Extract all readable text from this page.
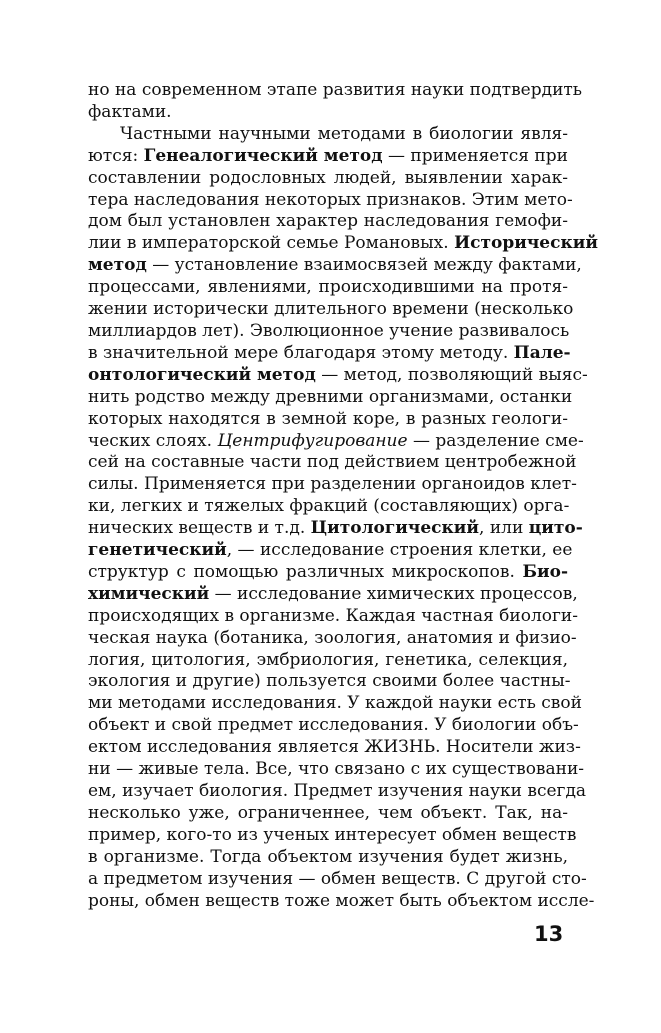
но на современном этапе развития науки подтвердить
фактами.
Частными научными методами в биологии явля-
ются: Генеалогический метод — применяется при
составлении родословных людей, выявлении харак-
тера наследования некоторых признаков. Этим мето-
дом был установлен характер наследования гемофи-
лии в императорской семье Романовых. Исторический
метод — установление взаимосвязей между фактами,
процессами, явлениями, происходившими на протя-
жении исторически длительного времени (несколько
миллиардов лет). Эволюционное учение развивалось
в значительной мере благодаря этому методу. Пале-
онтологический метод — метод, позволяющий выяс-
нить родство между древними организмами, останки
которых находятся в земной коре, в разных геологи-
ческих слоях. Центрифугирование — разделение сме-
сей на составные части под действием центробежной
силы. Применяется при разделении органоидов клет-
ки, легких и тяжелых фракций (составляющих) орга-
нических веществ и т.д. Цитологический, или цито-
генетический, — исследование строения клетки, ее
структур с помощью различных микроскопов. Био-
химический — исследование химических процессов,
происходящих в организме. Каждая частная биологи-
ческая наука (ботаника, зоология, анатомия и физио-
логия, цитология, эмбриология, генетика, селекция,
экология и другие) пользуется своими более частны-
ми методами исследования. У каждой науки есть свой
объект и свой предмет исследования. У биологии объ-
ектом исследования является ЖИЗНЬ. Носители жиз-
ни — живые тела. Все, что связано с их существовани-
ем, изучает биология. Предмет изучения науки всегда
несколько уже, ограниченнее, чем объект. Так, на-
пример, кого-то из ученых интересует обмен веществ
в организме. Тогда объектом изучения будет жизнь,
а предметом изучения — обмен веществ. С другой сто-
роны, обмен веществ тоже может быть объектом иссле-
13
